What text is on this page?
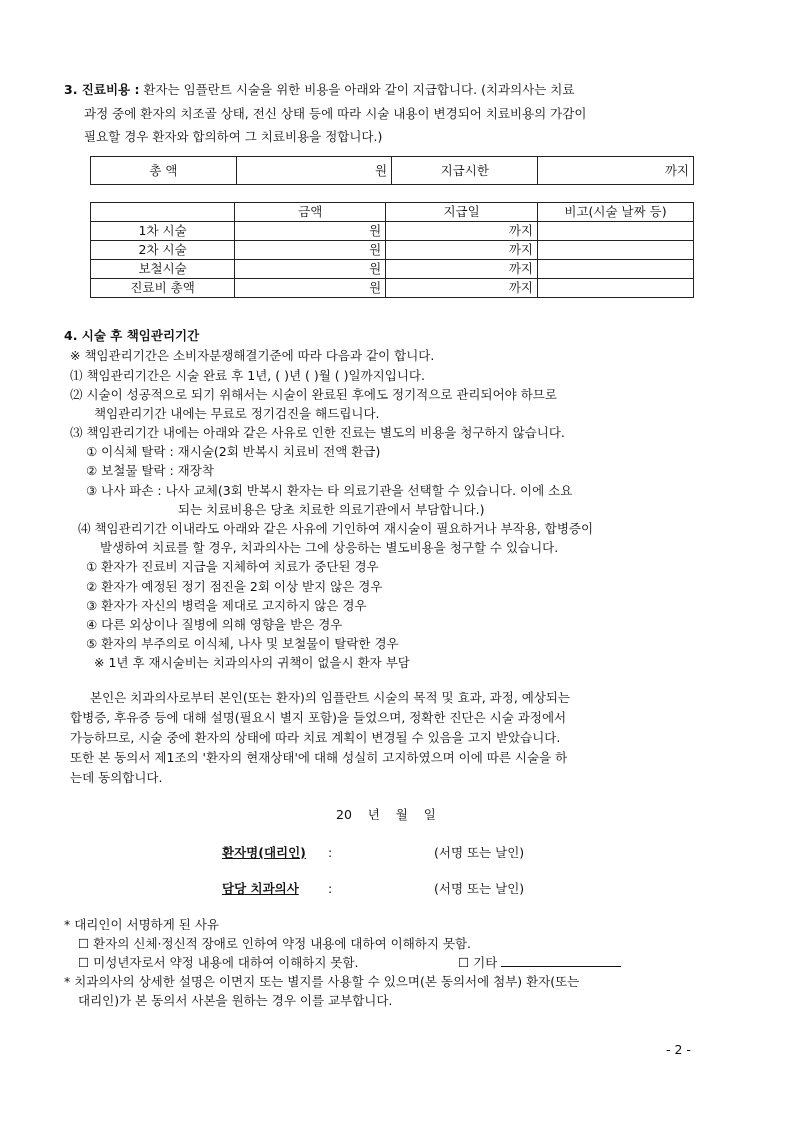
3. 진료비용 : 환자는 임플란트 시술을 위한 비용을 아래와 같이 지급합니다. (치과의사는 치료
과정 중에 환자의 치조골 상태, 전신 상태 등에 따라 시술 내용이 변경되어 치료비용의 가감이
필요할 경우 환자와 합의하여 그 치료비용을 정합니다.)
총 액	원	지급시한	까지
	금액	지급일	비고(시술 날짜 등)
1차 시술	원	까지	
2차 시술	원	까지	
보철시술	원	까지	
진료비 총액	원	까지	
4. 시술 후 책임관리기간
※ 책임관리기간은 소비자분쟁해결기준에 따라 다음과 같이 합니다.
⑴ 책임관리기간은 시술 완료 후 1년, ( )년 ( )월 ( )일까지입니다.
⑵ 시술이 성공적으로 되기 위해서는 시술이 완료된 후에도 정기적으로 관리되어야 하므로
책임관리기간 내에는 무료로 정기검진을 해드립니다.
⑶ 책임관리기간 내에는 아래와 같은 사유로 인한 진료는 별도의 비용을 청구하지 않습니다.
① 이식체 탈락 : 재시술(2회 반복시 치료비 전액 환급)
② 보철물 탈락 : 재장착
③ 나사 파손 : 나사 교체(3회 반복시 환자는 타 의료기관을 선택할 수 있습니다. 이에 소요
되는 치료비용은 당초 치료한 의료기관에서 부담합니다.)
⑷ 책임관리기간 이내라도 아래와 같은 사유에 기인하여 재시술이 필요하거나 부작용, 합병증이
발생하여 치료를 할 경우, 치과의사는 그에 상응하는 별도비용을 청구할 수 있습니다.
① 환자가 진료비 지급을 지체하여 치료가 중단된 경우
② 환자가 예정된 정기 점진을 2회 이상 받지 않은 경우
③ 환자가 자신의 병력을 제대로 고지하지 않은 경우
④ 다른 외상이나 질병에 의해 영향을 받은 경우
⑤ 환자의 부주의로 이식체, 나사 및 보철물이 탈락한 경우
※ 1년 후 재시술비는 치과의사의 귀책이 없을시 환자 부담
본인은 치과의사로부터 본인(또는 환자)의 임플란트 시술의 목적 및 효과, 과정, 예상되는
합병증, 후유증 등에 대해 설명(필요시 별지 포함)을 들었으며, 정확한 진단은 시술 과정에서
가능하므로, 시술 중에 환자의 상태에 따라 치료 계획이 변경될 수 있음을 고지 받았습니다.
또한 본 동의서 제1조의 '환자의 현재상태'에 대해 성실히 고지하였으며 이에 따른 시술을 하
는데 동의합니다.
20    년    월    일
환자명(대리인) :	(서명 또는 날인)
담당 치과의사 :	(서명 또는 날인)
* 대리인이 서명하게 된 사유
☐ 환자의 신체·정신적 장애로 인하여 약정 내용에 대하여 이해하지 못함.
☐ 미성년자로서 약정 내용에 대하여 이해하지 못함.	☐ 기타
* 치과의사의 상세한 설명은 이면지 또는 별지를 사용할 수 있으며(본 동의서에 첨부) 환자(또는
대리인)가 본 동의서 사본을 원하는 경우 이를 교부합니다.
- 2 -
